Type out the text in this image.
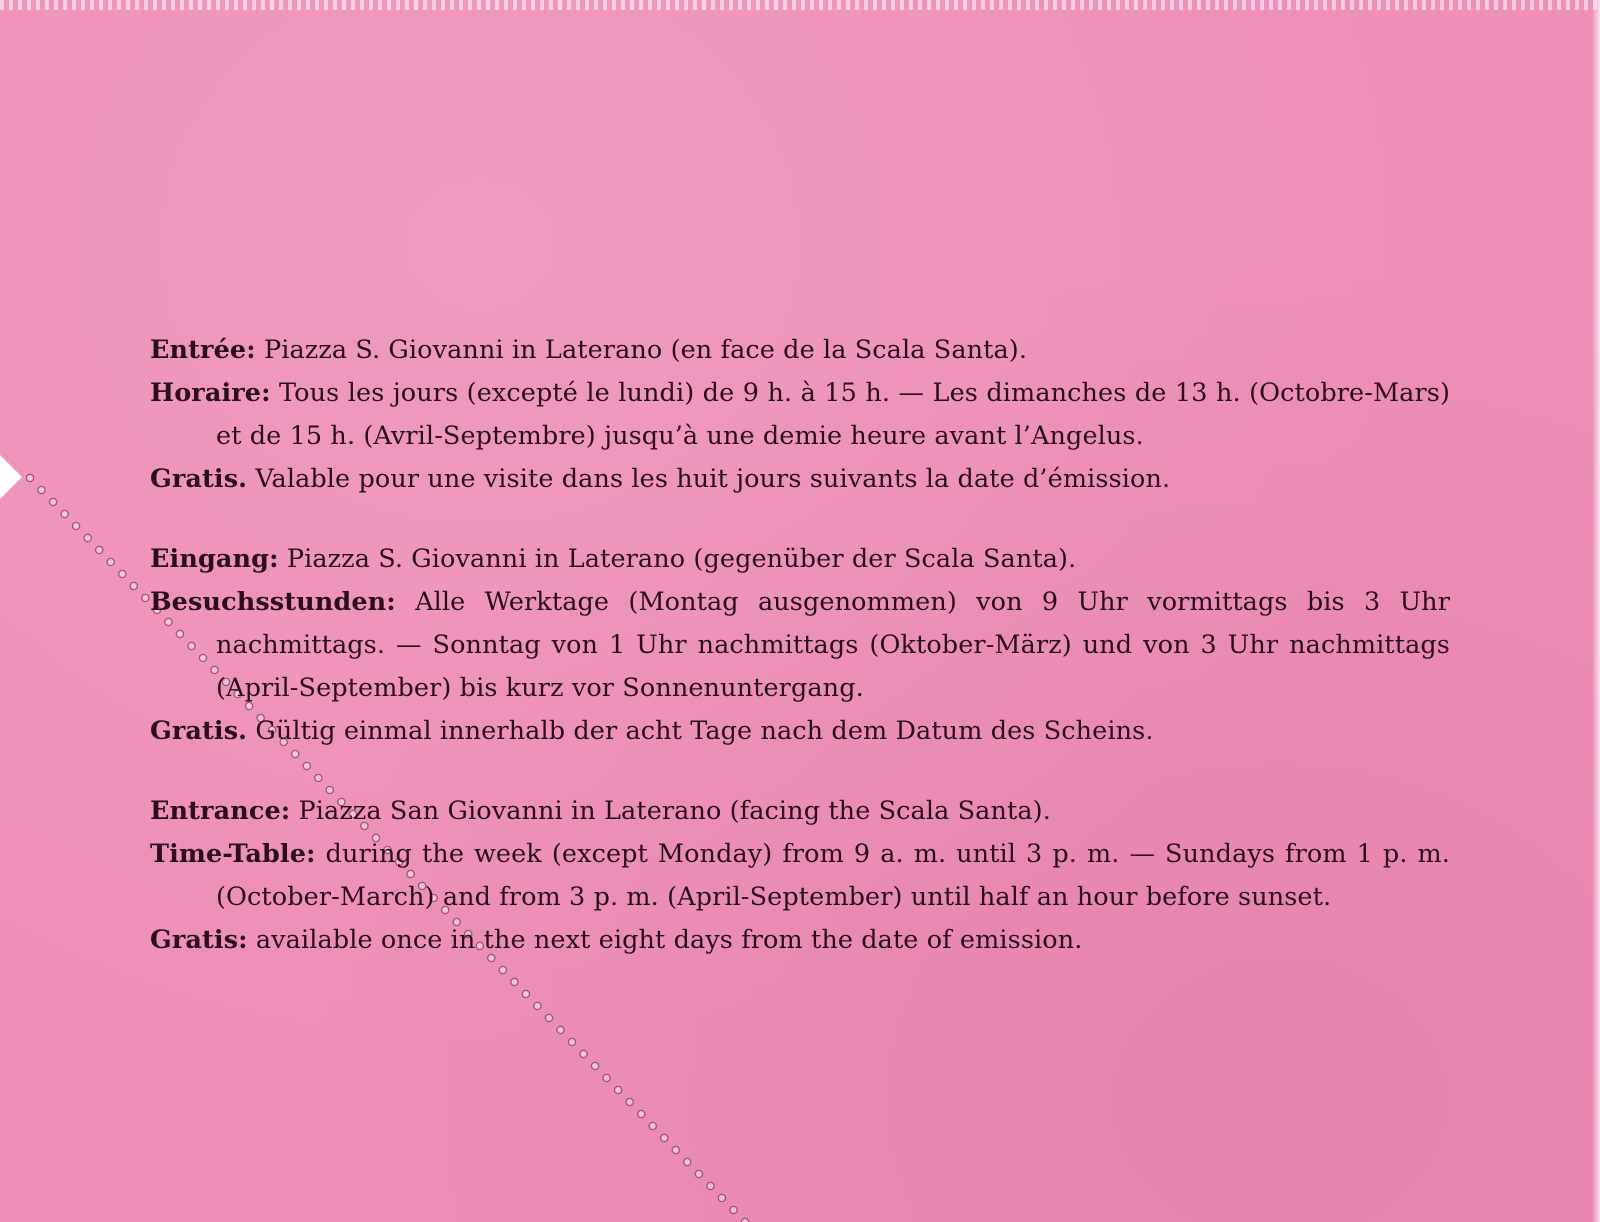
Entrée: Piazza S. Giovanni in Laterano (en face de la Scala Santa).
Horaire: Tous les jours (excepté le lundi) de 9 h. à 15 h. — Les dimanches de 13 h. (Octobre-Mars) et de 15 h. (Avril-Septembre) jusqu’à une demie heure avant l’Angelus.
Gratis. Valable pour une visite dans les huit jours suivants la date d’émission.
Eingang: Piazza S. Giovanni in Laterano (gegenüber der Scala Santa).
Besuchsstunden: Alle Werktage (Montag ausgenommen) von 9 Uhr vormittags bis 3 Uhr nachmittags. — Sonntag von 1 Uhr nachmittags (Oktober-März) und von 3 Uhr nachmittags (April-September) bis kurz vor Sonnenuntergang.
Gratis. Gültig einmal innerhalb der acht Tage nach dem Datum des Scheins.
Entrance: Piazza San Giovanni in Laterano (facing the Scala Santa).
Time-Table: during the week (except Monday) from 9 a. m. until 3 p. m. — Sundays from 1 p. m. (October-March) and from 3 p. m. (April-September) until half an hour before sunset.
Gratis: available once in the next eight days from the date of emission.
